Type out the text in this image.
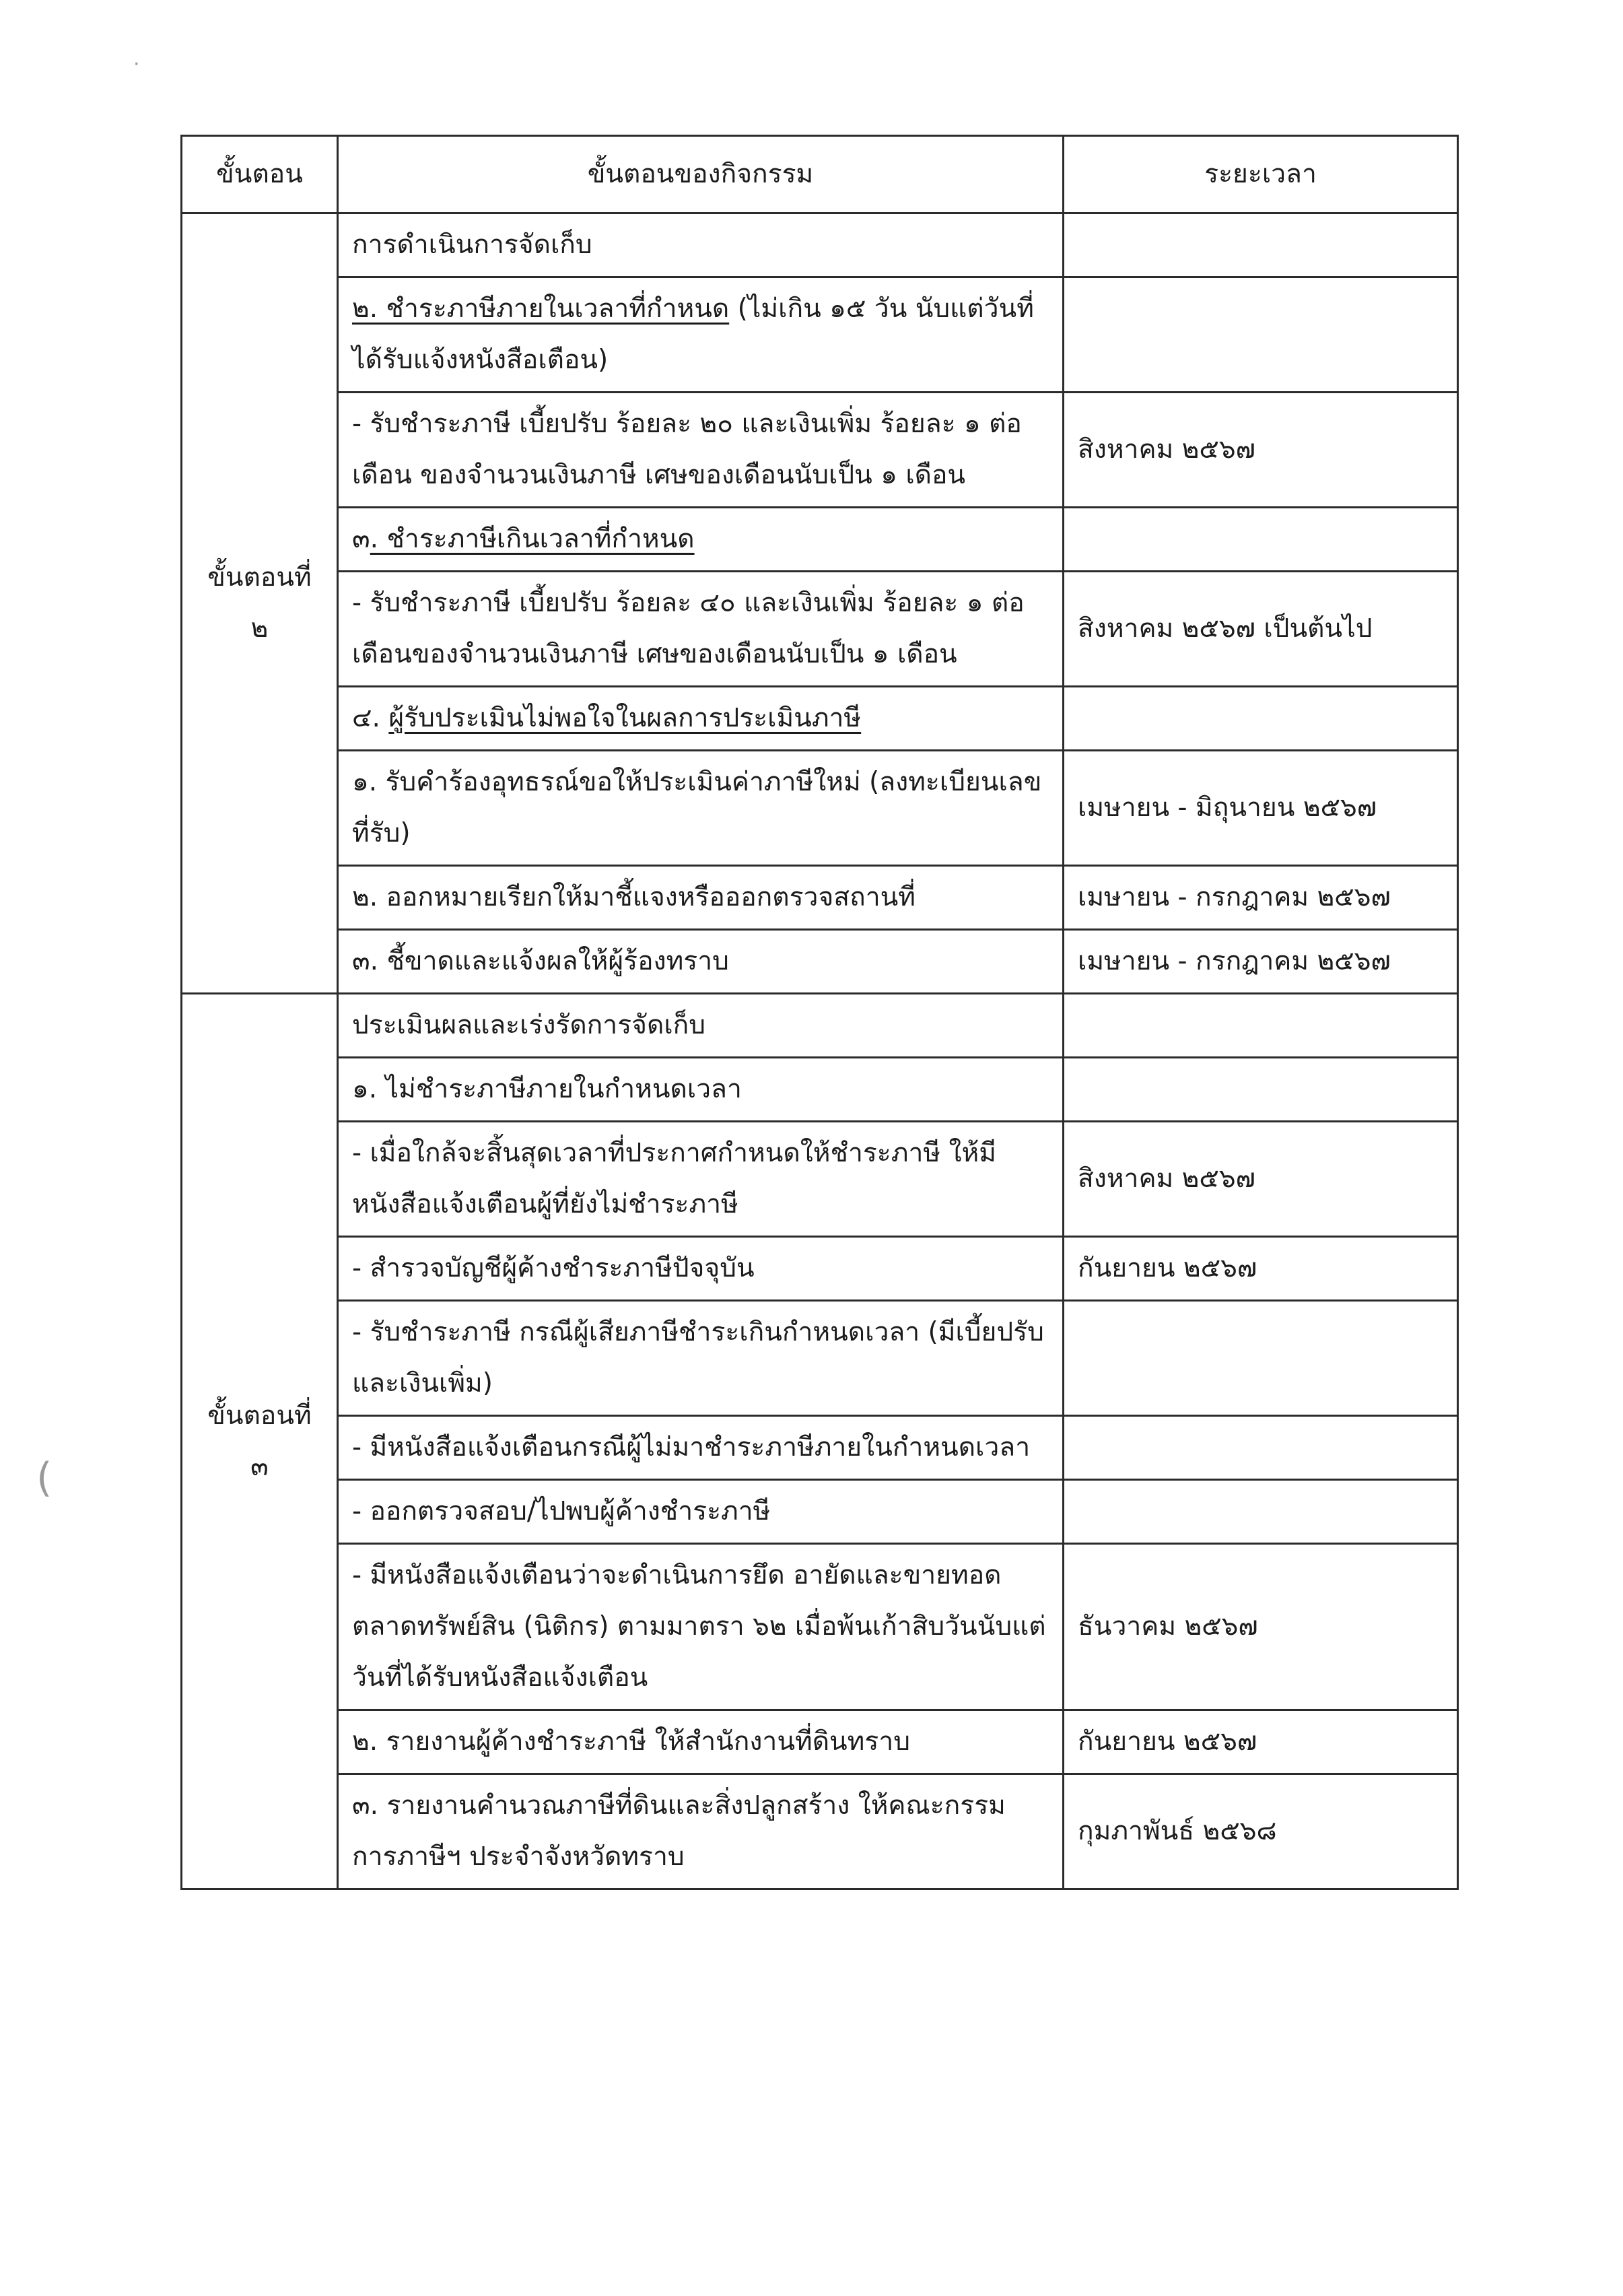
·
(
ขั้นตอน	ขั้นตอนของกิจกรรม	ระยะเวลา

ขั้นตอนที่
๒	การดำเนินการจัดเก็บ	
	๒. ชำระภาษีภายในเวลาที่กำหนด (ไม่เกิน ๑๕ วัน นับแต่วันที่ได้รับแจ้งหนังสือเตือน)	
	- รับชำระภาษี เบี้ยปรับ ร้อยละ ๒๐ และเงินเพิ่ม ร้อยละ ๑ ต่อเดือน ของจำนวนเงินภาษี เศษของเดือนนับเป็น ๑ เดือน	สิงหาคม ๒๕๖๗
	๓. ชำระภาษีเกินเวลาที่กำหนด	
	- รับชำระภาษี เบี้ยปรับ ร้อยละ ๔๐ และเงินเพิ่ม ร้อยละ ๑ ต่อเดือนของจำนวนเงินภาษี เศษของเดือนนับเป็น ๑ เดือน	สิงหาคม ๒๕๖๗ เป็นต้นไป
	๔. ผู้รับประเมินไม่พอใจในผลการประเมินภาษี	
	๑. รับคำร้องอุทธรณ์ขอให้ประเมินค่าภาษีใหม่ (ลงทะเบียนเลขที่รับ)	เมษายน - มิถุนายน ๒๕๖๗
	๒. ออกหมายเรียกให้มาชี้แจงหรือออกตรวจสถานที่	เมษายน - กรกฎาคม ๒๕๖๗
	๓. ชี้ขาดและแจ้งผลให้ผู้ร้องทราบ	เมษายน - กรกฎาคม ๒๕๖๗

ขั้นตอนที่
๓	ประเมินผลและเร่งรัดการจัดเก็บ	
	๑. ไม่ชำระภาษีภายในกำหนดเวลา	
	- เมื่อใกล้จะสิ้นสุดเวลาที่ประกาศกำหนดให้ชำระภาษี ให้มีหนังสือแจ้งเตือนผู้ที่ยังไม่ชำระภาษี	สิงหาคม ๒๕๖๗
	- สำรวจบัญชีผู้ค้างชำระภาษีปัจจุบัน	กันยายน ๒๕๖๗
	- รับชำระภาษี กรณีผู้เสียภาษีชำระเกินกำหนดเวลา (มีเบี้ยปรับและเงินเพิ่ม)	
	- มีหนังสือแจ้งเตือนกรณีผู้ไม่มาชำระภาษีภายในกำหนดเวลา	
	- ออกตรวจสอบ/ไปพบผู้ค้างชำระภาษี	
	- มีหนังสือแจ้งเตือนว่าจะดำเนินการยึด อายัดและขายทอดตลาดทรัพย์สิน (นิติกร) ตามมาตรา ๖๒ เมื่อพ้นเก้าสิบวันนับแต่วันที่ได้รับหนังสือแจ้งเตือน	ธันวาคม ๒๕๖๗
	๒. รายงานผู้ค้างชำระภาษี ให้สำนักงานที่ดินทราบ	กันยายน ๒๕๖๗
	๓. รายงานคำนวณภาษีที่ดินและสิ่งปลูกสร้าง ให้คณะกรรมการภาษีฯ ประจำจังหวัดทราบ	กุมภาพันธ์ ๒๕๖๘
